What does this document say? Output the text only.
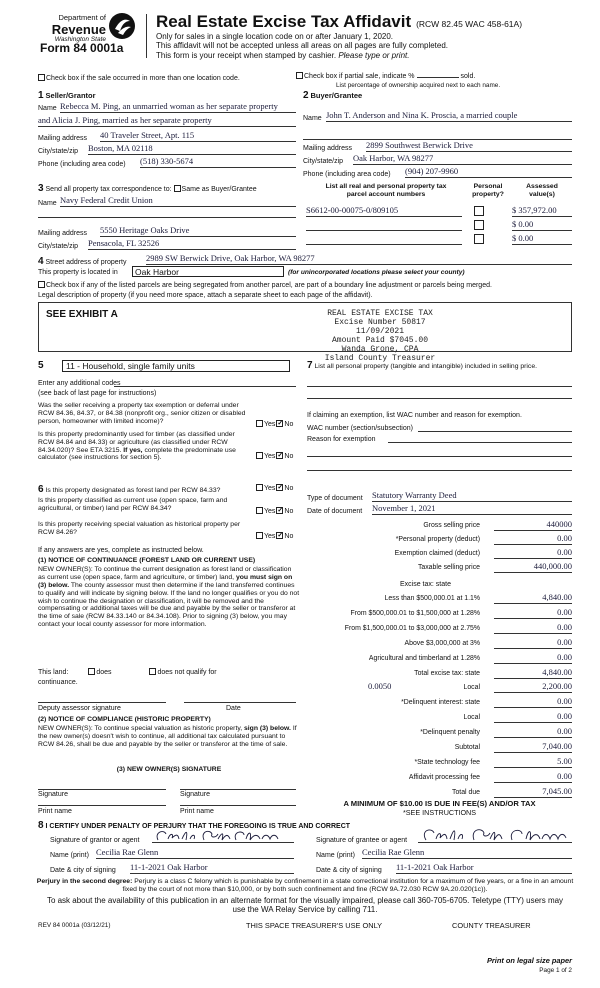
Department of
Revenue
Washington State
Form 84 0001a
Real Estate Excise Tax Affidavit (RCW 82.45 WAC 458-61A)
Only for sales in a single location code on or after January 1, 2020.
This affidavit will not be accepted unless all areas on all pages are fully completed.
This form is your receipt when stamped by cashier. Please type or print.
Check box if the sale occurred in more than one location code.	Check box if partial sale, indicate %	sold.
List percentage of ownership acquired next to each name.
1 Seller/Grantor
Name Rebecca M. Ping, an unmarried woman as her separate property
and Alicia J. Ping, married as her separate property
Mailing address 40 Traveler Street, Apt. 115
City/state/zip Boston, MA 02118
Phone (including area code) (518) 330-5674
2 Buyer/Grantee
Name John T. Anderson and Nina K. Proscia, a married couple
Mailing address 2899 Southwest Berwick Drive
City/state/zip Oak Harbor, WA 98277
Phone (including area code) (904) 207-9960
3 Send all property tax correspondence to: Same as Buyer/Grantee
Name Navy Federal Credit Union
Mailing address 5550 Heritage Oaks Drive
City/state/zip Pensacola, FL 32526
List all real and personal property tax
parcel account numbers
Personal
property?
Assessed
value(s)
S6612-00-00075-0/809105	$ 357,972.00
$ 0.00
$ 0.00
4 Street address of property 2989 SW Berwick Drive, Oak Harbor, WA 98277
This property is located in	Oak Harbor	(for unincorporated locations please select your county)
Check box if any of the listed parcels are being segregated from another parcel, are part of a boundary line adjustment or parcels being merged.
Legal description of property (if you need more space, attach a separate sheet to each page of the affidavit).
SEE EXHIBIT A	REAL ESTATE EXCISE TAX
Excise Number 50817
11/09/2021
Amount Paid $7045.00
Wanda Grone, CPA
Island County Treasurer
5	11 - Household, single family units
Enter any additional codes
(see back of last page for instructions)
Was the seller receiving a property tax exemption or deferral under RCW 84.36, 84.37, or 84.38 (nonprofit org., senior citizen or disabled person, homeowner with limited income)?	Yes ✓ No
Is this property predominantly used for timber (as classified under RCW 84.84 and 84.33) or agriculture (as classified under RCW 84.34.020)? See ETA 3215. If yes, complete the predominate use calculator (see instructions for section 5).	Yes ✓ No
6 Is this property designated as forest land per RCW 84.33?	Yes ✓ No
Is this property classified as current use (open space, farm and agricultural, or timber) land per RCW 84.34?	Yes ✓ No
Is this property receiving special valuation as historical property per RCW 84.26?
Yes ✓ No
If any answers are yes, complete as instructed below.
(1) NOTICE OF CONTINUANCE (FOREST LAND OR CURRENT USE)
NEW OWNER(S): To continue the current designation as forest land or classification as current use (open space, farm and agriculture, or timber) land, you must sign on (3) below. The county assessor must then determine if the land transferred continues to qualify and will indicate by signing below. If the land no longer qualifies or you do not wish to continue the designation or classification, it will be removed and the compensating or additional taxes will be due and payable by the seller or transferor at the time of sale (RCW 84.33.140 or 84.34.108). Prior to signing (3) below, you may contact your local county assessor for more information.
This land:	does	does not qualify for
continuance.
Deputy assessor signature	Date
(2) NOTICE OF COMPLIANCE (HISTORIC PROPERTY)
NEW OWNER(S): To continue special valuation as historic property, sign (3) below. If the new owner(s) doesn't wish to continue, all additional tax calculated pursuant to RCW 84.26, shall be due and payable by the seller or transferor at the time of sale.
(3) NEW OWNER(S) SIGNATURE
Signature	Signature
Print name	Print name
7 List all personal property (tangible and intangible) included in selling price.
If claiming an exemption, list WAC number and reason for exemption.
WAC number (section/subsection)
Reason for exemption
Type of document Statutory Warranty Deed
Date of document November 1, 2021
Gross selling price	440000
*Personal property (deduct)	0.00
Exemption claimed (deduct)	0.00
Taxable selling price	440,000.00
Excise tax: state
Less than $500,000.01 at 1.1%	4,840.00
From $500,000.01 to $1,500,000 at 1.28%	0.00
From $1,500,000.01 to $3,000,000 at 2.75%	0.00
Above $3,000,000 at 3%	0.00
Agricultural and timberland at 1.28%	0.00
Total excise tax: state	4,840.00
0.0050	Local	2,200.00
*Delinquent interest: state	0.00
Local	0.00
*Delinquent penalty	0.00
Subtotal	7,040.00
*State technology fee	5.00
Affidavit processing fee	0.00
Total due	7,045.00
A MINIMUM OF $10.00 IS DUE IN FEE(S) AND/OR TAX
*SEE INSTRUCTIONS
8 I CERTIFY UNDER PENALTY OF PERJURY THAT THE FOREGOING IS TRUE AND CORRECT
Signature of grantor or agent
Name (print) Cecilia Rae Glenn
Date & city of signing 11-1-2021 Oak Harbor
Signature of grantee or agent
Name (print) Cecilia Rae Glenn
Date & city of signing 11-1-2021 Oak Harbor
Perjury in the second degree: Perjury is a class C felony which is punishable by confinement in a state correctional institution for a maximum of five years, or a fine in an amount fixed by the court of not more than $10,000, or by both such confinement and fine (RCW 9A.72.030 RCW 9A.20.020(1c)).
To ask about the availability of this publication in an alternate format for the visually impaired, please call 360-705-6705. Teletype (TTY) users may use the WA Relay Service by calling 711.
REV 84 0001a (03/12/21)	THIS SPACE TREASURER'S USE ONLY	COUNTY TREASURER
Print on legal size paper
Page 1 of 2
